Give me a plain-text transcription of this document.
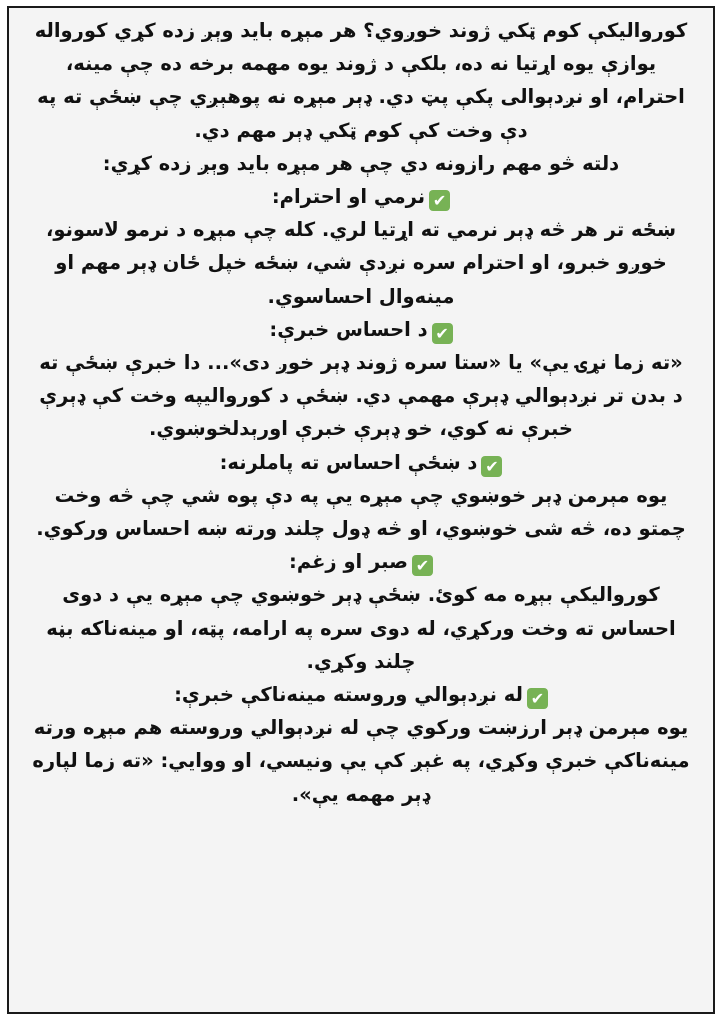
کورواليکې کوم ټکي ژوند خوږوي؟ هر مېړه باید وېږ زده کړي کورواله يوازې يوه اړتيا نه ده، بلکې د ژوند يوه مهمه برخه ده چې مينه، احترام، او نږدېوالى پکې پټ دي. ډېر مېړه نه پوهېږي چې ښځې ته په دې وخت کې کوم ټکي ډېر مهم دي.

دلته څو مهم رازونه دي چې هر مېړه باید وېږ زده کړي:

✔نرمي او احترام:

ښځه تر هر څه ډېر نرمي ته اړتيا لري. کله چې مېړه د نرمو لاسونو، خوږو خبرو، او احترام سره نږدې شي، ښځه خپل ځان ډېر مهم او مينه‌وال احساسوي.

✔د احساس خبرې:

«ته زما نړۍ يې» يا «ستا سره ژوند ډېر خوږ دی»... دا خبرې ښځې ته د بدن تر نږدېوالي ډېرې مهمې دي. ښځې د کورواليپه وخت کې ډېرې خبرې نه کوي، خو ډېرې خبرې اورېدلخوښوي.

✔د ښځې احساس ته پاملرنه:

يوه مېرمن ډېر خوښوي چې مېړه يې په دې پوه شي چې څه وخت چمتو ده، څه شی خوښوي، او څه ډول چلند ورته ښه احساس ورکوي.

✔صبر او زغم:

کورواليکې بېړه مه کوئ. ښځې ډېر خوښوي چې مېړه يې د دوی احساس ته وخت ورکړي، له دوی سره په ارامه، پټه، او مينه‌ناکه بڼه چلند وکړي.

✔له نږدېوالي وروسته مينه‌ناکې خبرې:

يوه مېرمن ډېر ارزښت ورکوي چې له نږدېوالي وروسته هم مېړه ورته مينه‌ناکې خبرې وکړي، په غېږ کې يې ونيسي، او ووايي: «ته زما لپاره ډېر مهمه يې».
